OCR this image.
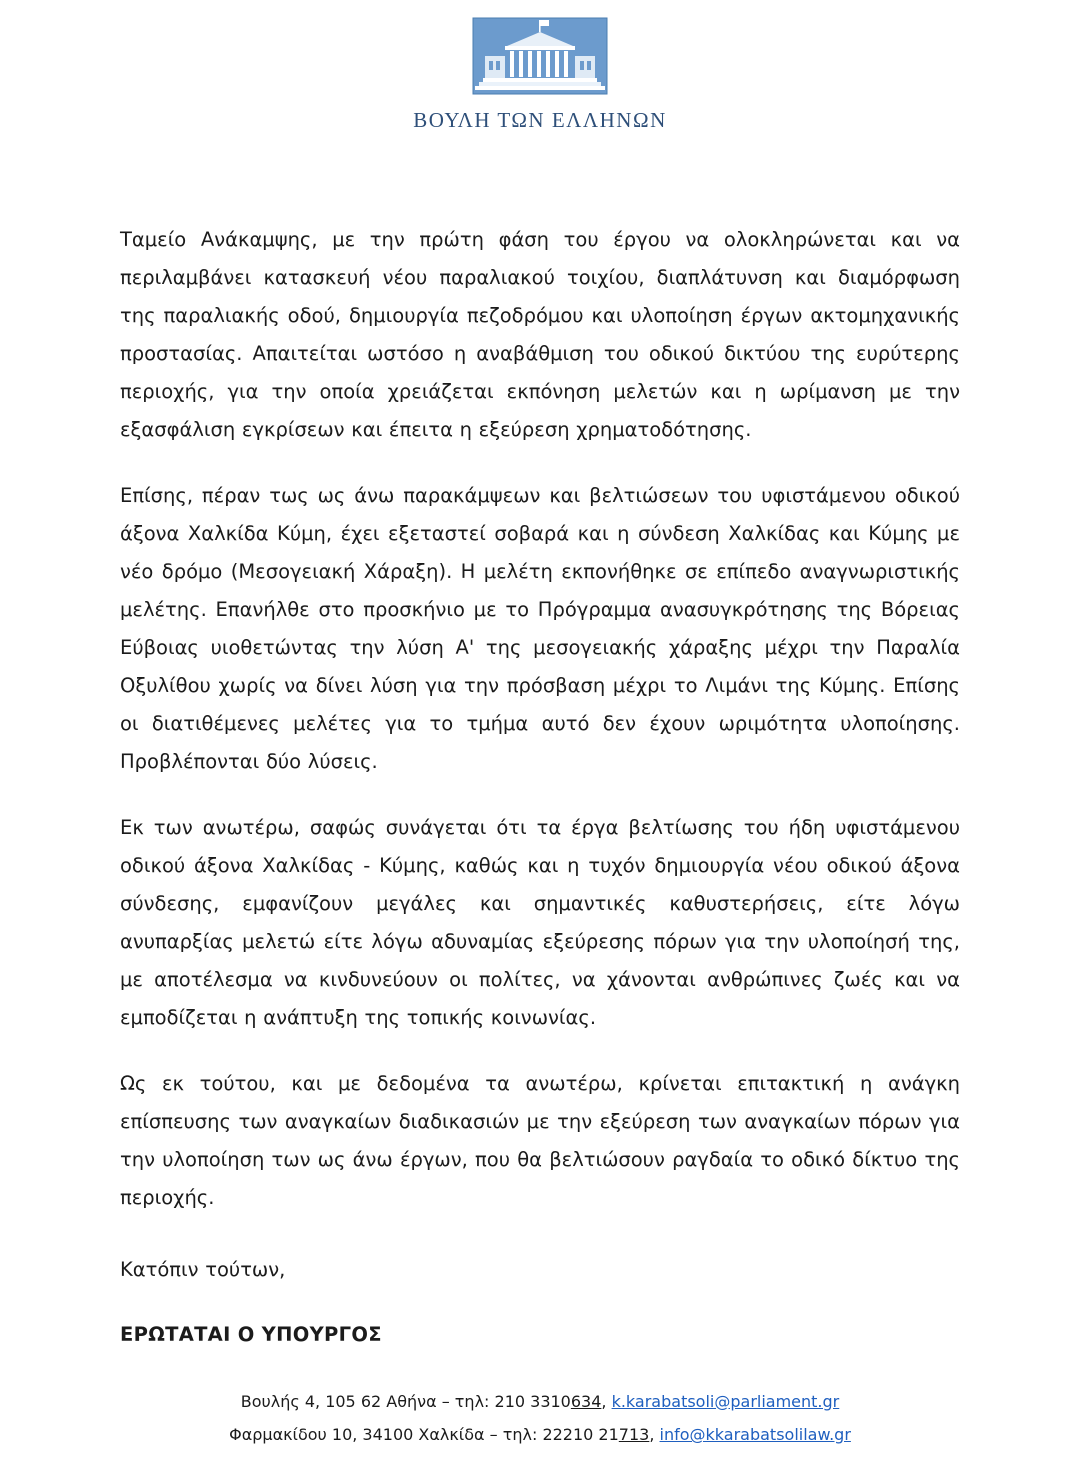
ΒΟΥΛΗ ΤΩΝ ΕΛΛΗΝΩΝ

Ταμείο Ανάκαμψης, με την πρώτη φάση του έργου να ολοκληρώνεται και να περιλαμβάνει κατασκευή νέου παραλιακού τοιχίου, διαπλάτυνση και διαμόρφωση της παραλιακής οδού, δημιουργία πεζοδρόμου και υλοποίηση έργων ακτομηχανικής προστασίας. Απαιτείται ωστόσο η αναβάθμιση του οδικού δικτύου της ευρύτερης περιοχής, για την οποία χρειάζεται εκπόνηση μελετών και η ωρίμανση με την εξασφάλιση εγκρίσεων και έπειτα η εξεύρεση χρηματοδότησης.

Επίσης, πέραν τως ως άνω παρακάμψεων και βελτιώσεων του υφιστάμενου οδικού άξονα Χαλκίδα Κύμη, έχει εξεταστεί σοβαρά και η σύνδεση Χαλκίδας και Κύμης με νέο δρόμο (Μεσογειακή Χάραξη). Η μελέτη εκπονήθηκε σε επίπεδο αναγνωριστικής μελέτης. Επανήλθε στο προσκήνιο με το Πρόγραμμα ανασυγκρότησης της Βόρειας Εύβοιας υιοθετώντας την λύση Α' της μεσογειακής χάραξης μέχρι την Παραλία Οξυλίθου χωρίς να δίνει λύση για την πρόσβαση μέχρι το Λιμάνι της Κύμης. Επίσης οι διατιθέμενες μελέτες για το τμήμα αυτό δεν έχουν ωριμότητα υλοποίησης. Προβλέπονται δύο λύσεις.

Εκ των ανωτέρω, σαφώς συνάγεται ότι τα έργα βελτίωσης του ήδη υφιστάμενου οδικού άξονα Χαλκίδας - Κύμης, καθώς και η τυχόν δημιουργία νέου οδικού άξονα σύνδεσης, εμφανίζουν μεγάλες και σημαντικές καθυστερήσεις, είτε λόγω ανυπαρξίας μελετώ είτε λόγω αδυναμίας εξεύρεσης πόρων για την υλοποίησή της, με αποτέλεσμα να κινδυνεύουν οι πολίτες, να χάνονται ανθρώπινες ζωές και να εμποδίζεται η ανάπτυξη της τοπικής κοινωνίας.

Ως εκ τούτου, και με δεδομένα τα ανωτέρω, κρίνεται επιτακτική η ανάγκη επίσπευσης των αναγκαίων διαδικασιών με την εξεύρεση των αναγκαίων πόρων για την υλοποίηση των ως άνω έργων, που θα βελτιώσουν ραγδαία το οδικό δίκτυο της περιοχής.

Κατόπιν τούτων,

ΕΡΩΤΑΤΑΙ Ο ΥΠΟΥΡΓΟΣ

Βουλής 4, 105 62 Αθήνα – τηλ: 210 3310634, k.karabatsoli@parliament.gr
Φαρμακίδου 10, 34100 Χαλκίδα – τηλ: 22210 21713, info@kkarabatsolilaw.gr
